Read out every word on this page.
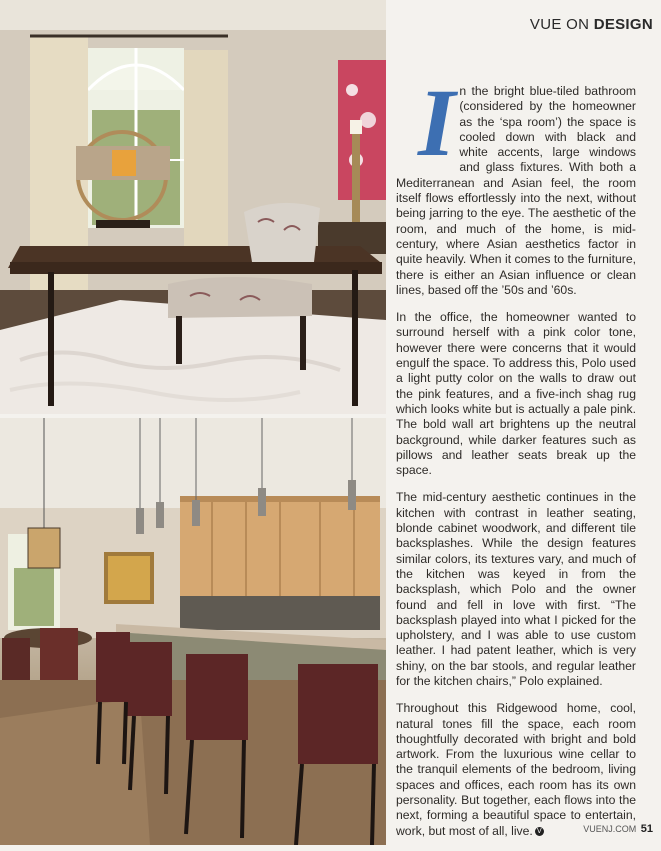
VUE ON DESIGN

In the bright blue-tiled bathroom (considered by the homeowner as the ‘spa room’) the space is cooled down with black and white accents, large windows and glass fixtures. With both a Mediterranean and Asian feel, the room itself flows effortlessly into the next, without being jarring to the eye. The aesthetic of the room, and much of the home, is mid-century, where Asian aesthetics factor in quite heavily. When it comes to the furniture, there is either an Asian influence or clean lines, based off the ’50s and ’60s.

In the office, the homeowner wanted to surround herself with a pink color tone, however there were concerns that it would engulf the space. To address this, Polo used a light putty color on the walls to draw out the pink features, and a five-inch shag rug which looks white but is actually a pale pink. The bold wall art brightens up the neutral background, while darker features such as pillows and leather seats break up the space.

The mid-century aesthetic continues in the kitchen with contrast in leather seating, blonde cabinet woodwork, and different tile backsplashes. While the design features similar colors, its textures vary, and much of the kitchen was keyed in from the backsplash, which Polo and the owner found and fell in love with first. “The backsplash played into what I picked for the upholstery, and I was able to use custom leather. I had patent leather, which is very shiny, on the bar stools, and regular leather for the kitchen chairs,” Polo explained.

Throughout this Ridgewood home, cool, natural tones fill the space, each room thoughtfully decorated with bright and bold artwork. From the luxurious wine cellar to the tranquil elements of the bedroom, living spaces and offices, each room has its own personality. But together, each flows into the next, forming a beautiful space to entertain, work, but most of all, live. V	VUENJ.COM 51
